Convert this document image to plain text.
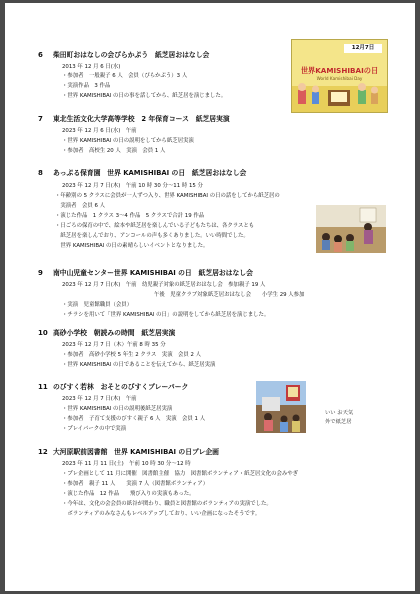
6 柴田町おはなしの会ぴらかぷう　紙芝居おはなし会
2013 年 12 月 6 日(水)
・参加者　一般親子 6 人　会員（ぴらかぷう）3 人
・実演作品　3 作品
・世界 KAMISHIBAI の日の事を話してから、紙芝居を演じました。
12月7日
世界KAMISHIBAIの日
World Kamishibai Day
7 東北生活文化大学高等学校　2 年保育コース　紙芝居実演
2023 年 12 月 6 日(水)　午前
・世界 KAMISHIBAI の日の説明をしてから紙芝居実演
・参加者　高校生 20 人　実演　会員 1 人
8 あっぷる保育園　世界 KAMISHIBAI の日　紙芝居おはなし会
2023 年 12 月 7 日(木)　午前 10 時 30 分～11 時 15 分
・年齢別の 5 クラスに会員が一人ずつ入り、世界 KAMISHIBAI の日の話をしてから紙芝居の
　実演者　会員 6 人
・演じた作品　1 クラス 3～4 作品　5 クラスで合計 19 作品
・日ごろの保育の中で、絵本や紙芝居を楽しんでいる子どもたちは、各クラスとも
　紙芝居を楽しんでおり、アンコールの声も多くありました。いい時間でした。
　世界 KAMISHIBAI の日の素晴らしいイベントとなりました。
9 南中山児童センター世界 KAMISHIBAI の日　紙芝居おはなし会
2023 年 12 月 7 日(木)　午前　幼児親子対象の紙芝居おはなし会　参加親子 19 人
午後　児童クラブ対象紙芝居おはなし会　　小学生 29 人参加
・実演　児童館職員（会員）
・チラシを用いて「世界 KAMISHIBAI の日」の説明をしてから紙芝居を演じました。
10 高砂小学校　朝読みの時間　紙芝居実演
2023 年 12 月 7 日（木）午前 8 時 35 分
・参加者　高砂小学校 5 年生 2 クラス　実演　会員 2 人
・世界 KAMISHIBAI の日であることを伝えてから、紙芝居実演
11 のびすく若林　おそとのびすくプレーパーク
2023 年 12 月 7 日(木)　午前
・世界 KAMISHIBAI の日の説明後紙芝居実演
・参加者　子育て支援のびすく親子 6 人　実演　会員 1 人
・プレイパークの中で実演
いい お天気
外で紙芝居
12 大河原駅前図書館　世界 KAMISHIBAI の日プレ企画
2023 年 11 月 11 日(土)　午前 10 時 30 分～12 時
・プレ企画として 11 月に開催　図書館主催　協力　図書館ボランティア・紙芝居文化の会みやぎ
・参加者　親子 11 人　　実演 7 人（図書館ボランティア）
・演じた作品　12 作品　　飛び入りの実演もあった。
・今年は、文化の会会員の紙谷が関わり、職員と図書館のボランティアの実演でした。
　ボランティアのみなさんもレベルアップしており、いい企画になったそうです。
